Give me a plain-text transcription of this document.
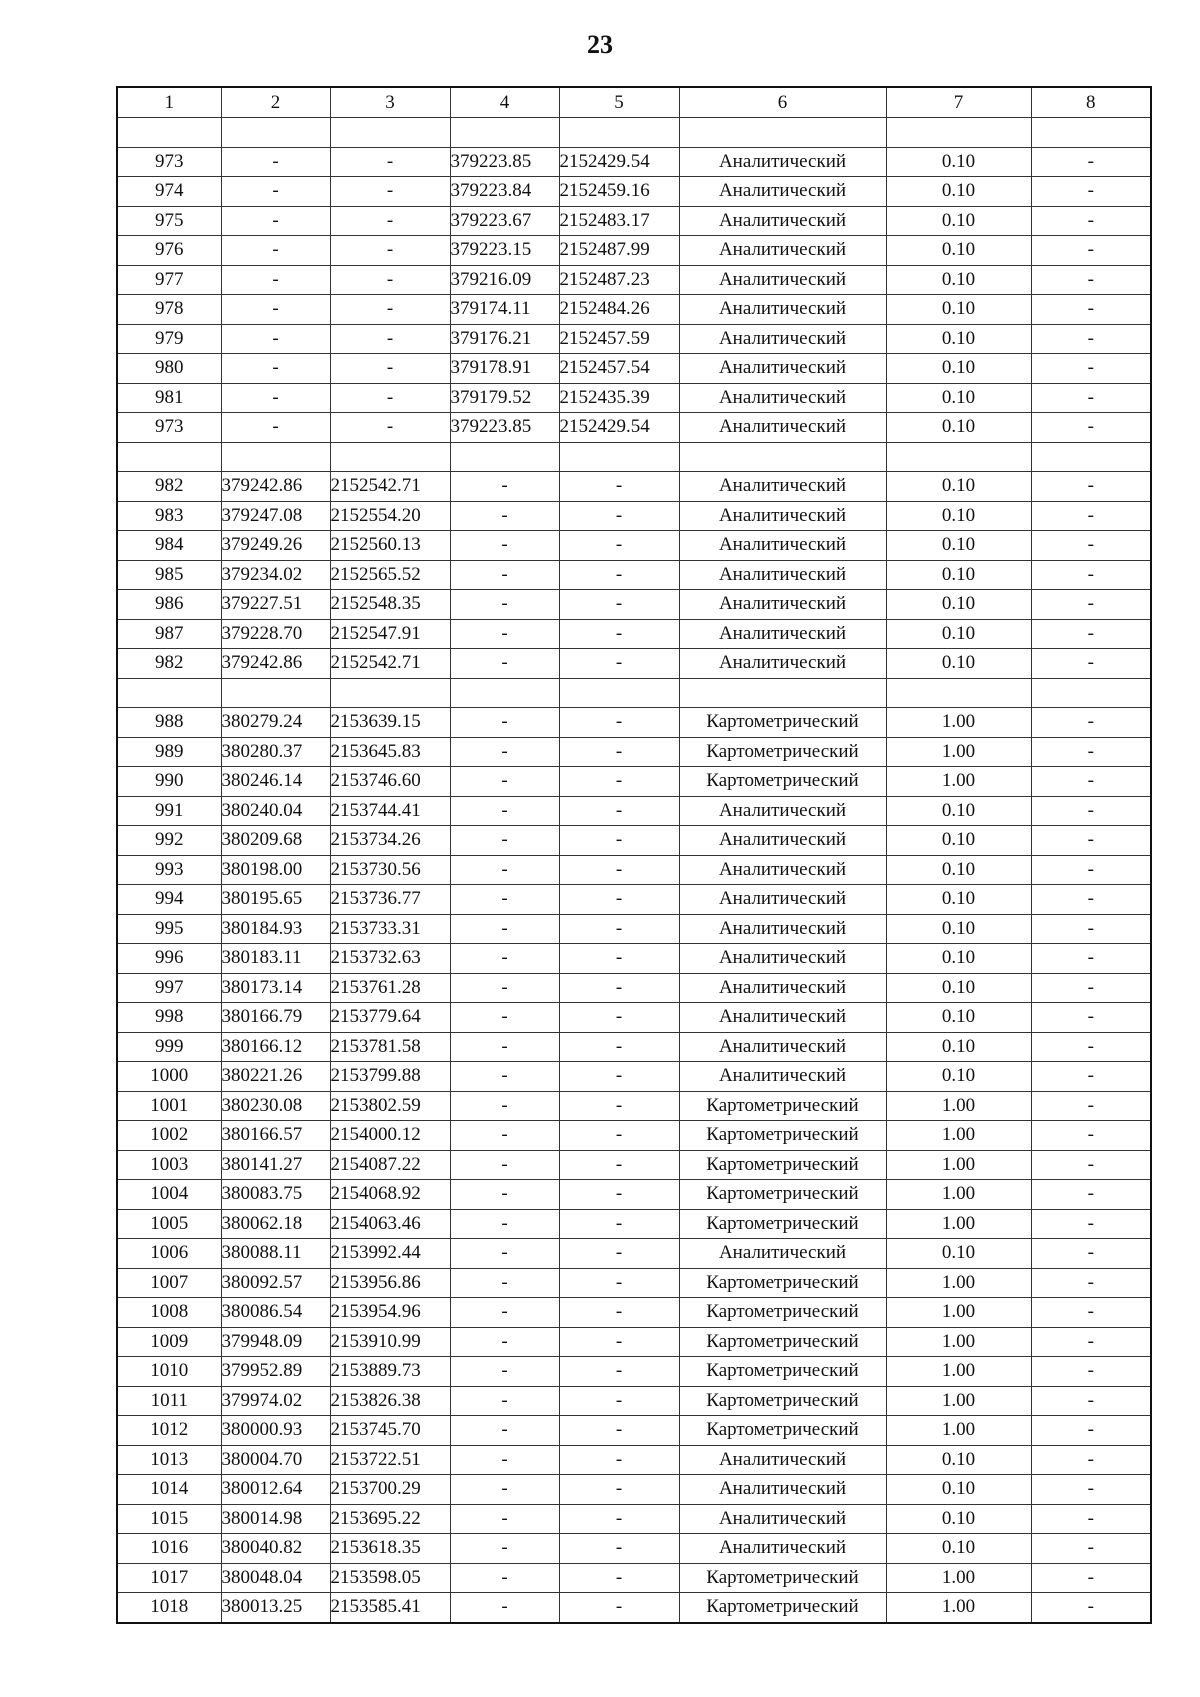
23
1	2	3	4	5	6	7	8

973	-	-	379223.85	2152429.54	Аналитический	0.10	-
974	-	-	379223.84	2152459.16	Аналитический	0.10	-
975	-	-	379223.67	2152483.17	Аналитический	0.10	-
976	-	-	379223.15	2152487.99	Аналитический	0.10	-
977	-	-	379216.09	2152487.23	Аналитический	0.10	-
978	-	-	379174.11	2152484.26	Аналитический	0.10	-
979	-	-	379176.21	2152457.59	Аналитический	0.10	-
980	-	-	379178.91	2152457.54	Аналитический	0.10	-
981	-	-	379179.52	2152435.39	Аналитический	0.10	-
973	-	-	379223.85	2152429.54	Аналитический	0.10	-

982	379242.86	2152542.71	-	-	Аналитический	0.10	-
983	379247.08	2152554.20	-	-	Аналитический	0.10	-
984	379249.26	2152560.13	-	-	Аналитический	0.10	-
985	379234.02	2152565.52	-	-	Аналитический	0.10	-
986	379227.51	2152548.35	-	-	Аналитический	0.10	-
987	379228.70	2152547.91	-	-	Аналитический	0.10	-
982	379242.86	2152542.71	-	-	Аналитический	0.10	-

988	380279.24	2153639.15	-	-	Картометрический	1.00	-
989	380280.37	2153645.83	-	-	Картометрический	1.00	-
990	380246.14	2153746.60	-	-	Картометрический	1.00	-
991	380240.04	2153744.41	-	-	Аналитический	0.10	-
992	380209.68	2153734.26	-	-	Аналитический	0.10	-
993	380198.00	2153730.56	-	-	Аналитический	0.10	-
994	380195.65	2153736.77	-	-	Аналитический	0.10	-
995	380184.93	2153733.31	-	-	Аналитический	0.10	-
996	380183.11	2153732.63	-	-	Аналитический	0.10	-
997	380173.14	2153761.28	-	-	Аналитический	0.10	-
998	380166.79	2153779.64	-	-	Аналитический	0.10	-
999	380166.12	2153781.58	-	-	Аналитический	0.10	-
1000	380221.26	2153799.88	-	-	Аналитический	0.10	-
1001	380230.08	2153802.59	-	-	Картометрический	1.00	-
1002	380166.57	2154000.12	-	-	Картометрический	1.00	-
1003	380141.27	2154087.22	-	-	Картометрический	1.00	-
1004	380083.75	2154068.92	-	-	Картометрический	1.00	-
1005	380062.18	2154063.46	-	-	Картометрический	1.00	-
1006	380088.11	2153992.44	-	-	Аналитический	0.10	-
1007	380092.57	2153956.86	-	-	Картометрический	1.00	-
1008	380086.54	2153954.96	-	-	Картометрический	1.00	-
1009	379948.09	2153910.99	-	-	Картометрический	1.00	-
1010	379952.89	2153889.73	-	-	Картометрический	1.00	-
1011	379974.02	2153826.38	-	-	Картометрический	1.00	-
1012	380000.93	2153745.70	-	-	Картометрический	1.00	-
1013	380004.70	2153722.51	-	-	Аналитический	0.10	-
1014	380012.64	2153700.29	-	-	Аналитический	0.10	-
1015	380014.98	2153695.22	-	-	Аналитический	0.10	-
1016	380040.82	2153618.35	-	-	Аналитический	0.10	-
1017	380048.04	2153598.05	-	-	Картометрический	1.00	-
1018	380013.25	2153585.41	-	-	Картометрический	1.00	-
